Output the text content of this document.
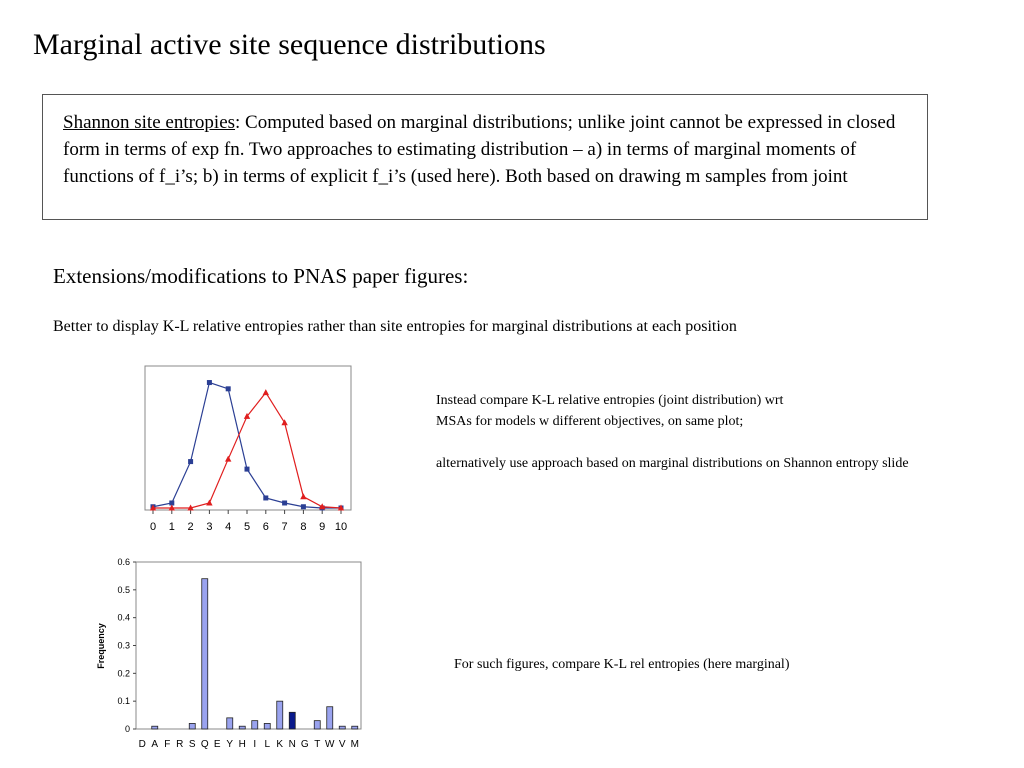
Marginal active site sequence distributions
Shannon site entropies: Computed based on marginal distributions; unlike joint cannot be expressed in closed form in terms of exp fn. Two approaches to estimating distribution – a) in terms of marginal moments of functions of f_i’s; b) in terms of explicit f_i’s (used here). Both based on drawing m samples from joint
Extensions/modifications to PNAS paper figures:
Better to display K-L relative entropies rather than site entropies for marginal distributions at each position
0 1 2 3 4 5 6 7 8 9 10
Instead compare K-L relative entropies (joint distribution) wrt
MSAs for models w different objectives, on same plot;
alternatively use approach based on marginal distributions on Shannon entropy slide
Frequency
0
0.1
0.2
0.3
0.4
0.5
0.6
D A F R S Q E Y H I L K N G T W V M
For such figures, compare K-L rel entropies (here marginal)
